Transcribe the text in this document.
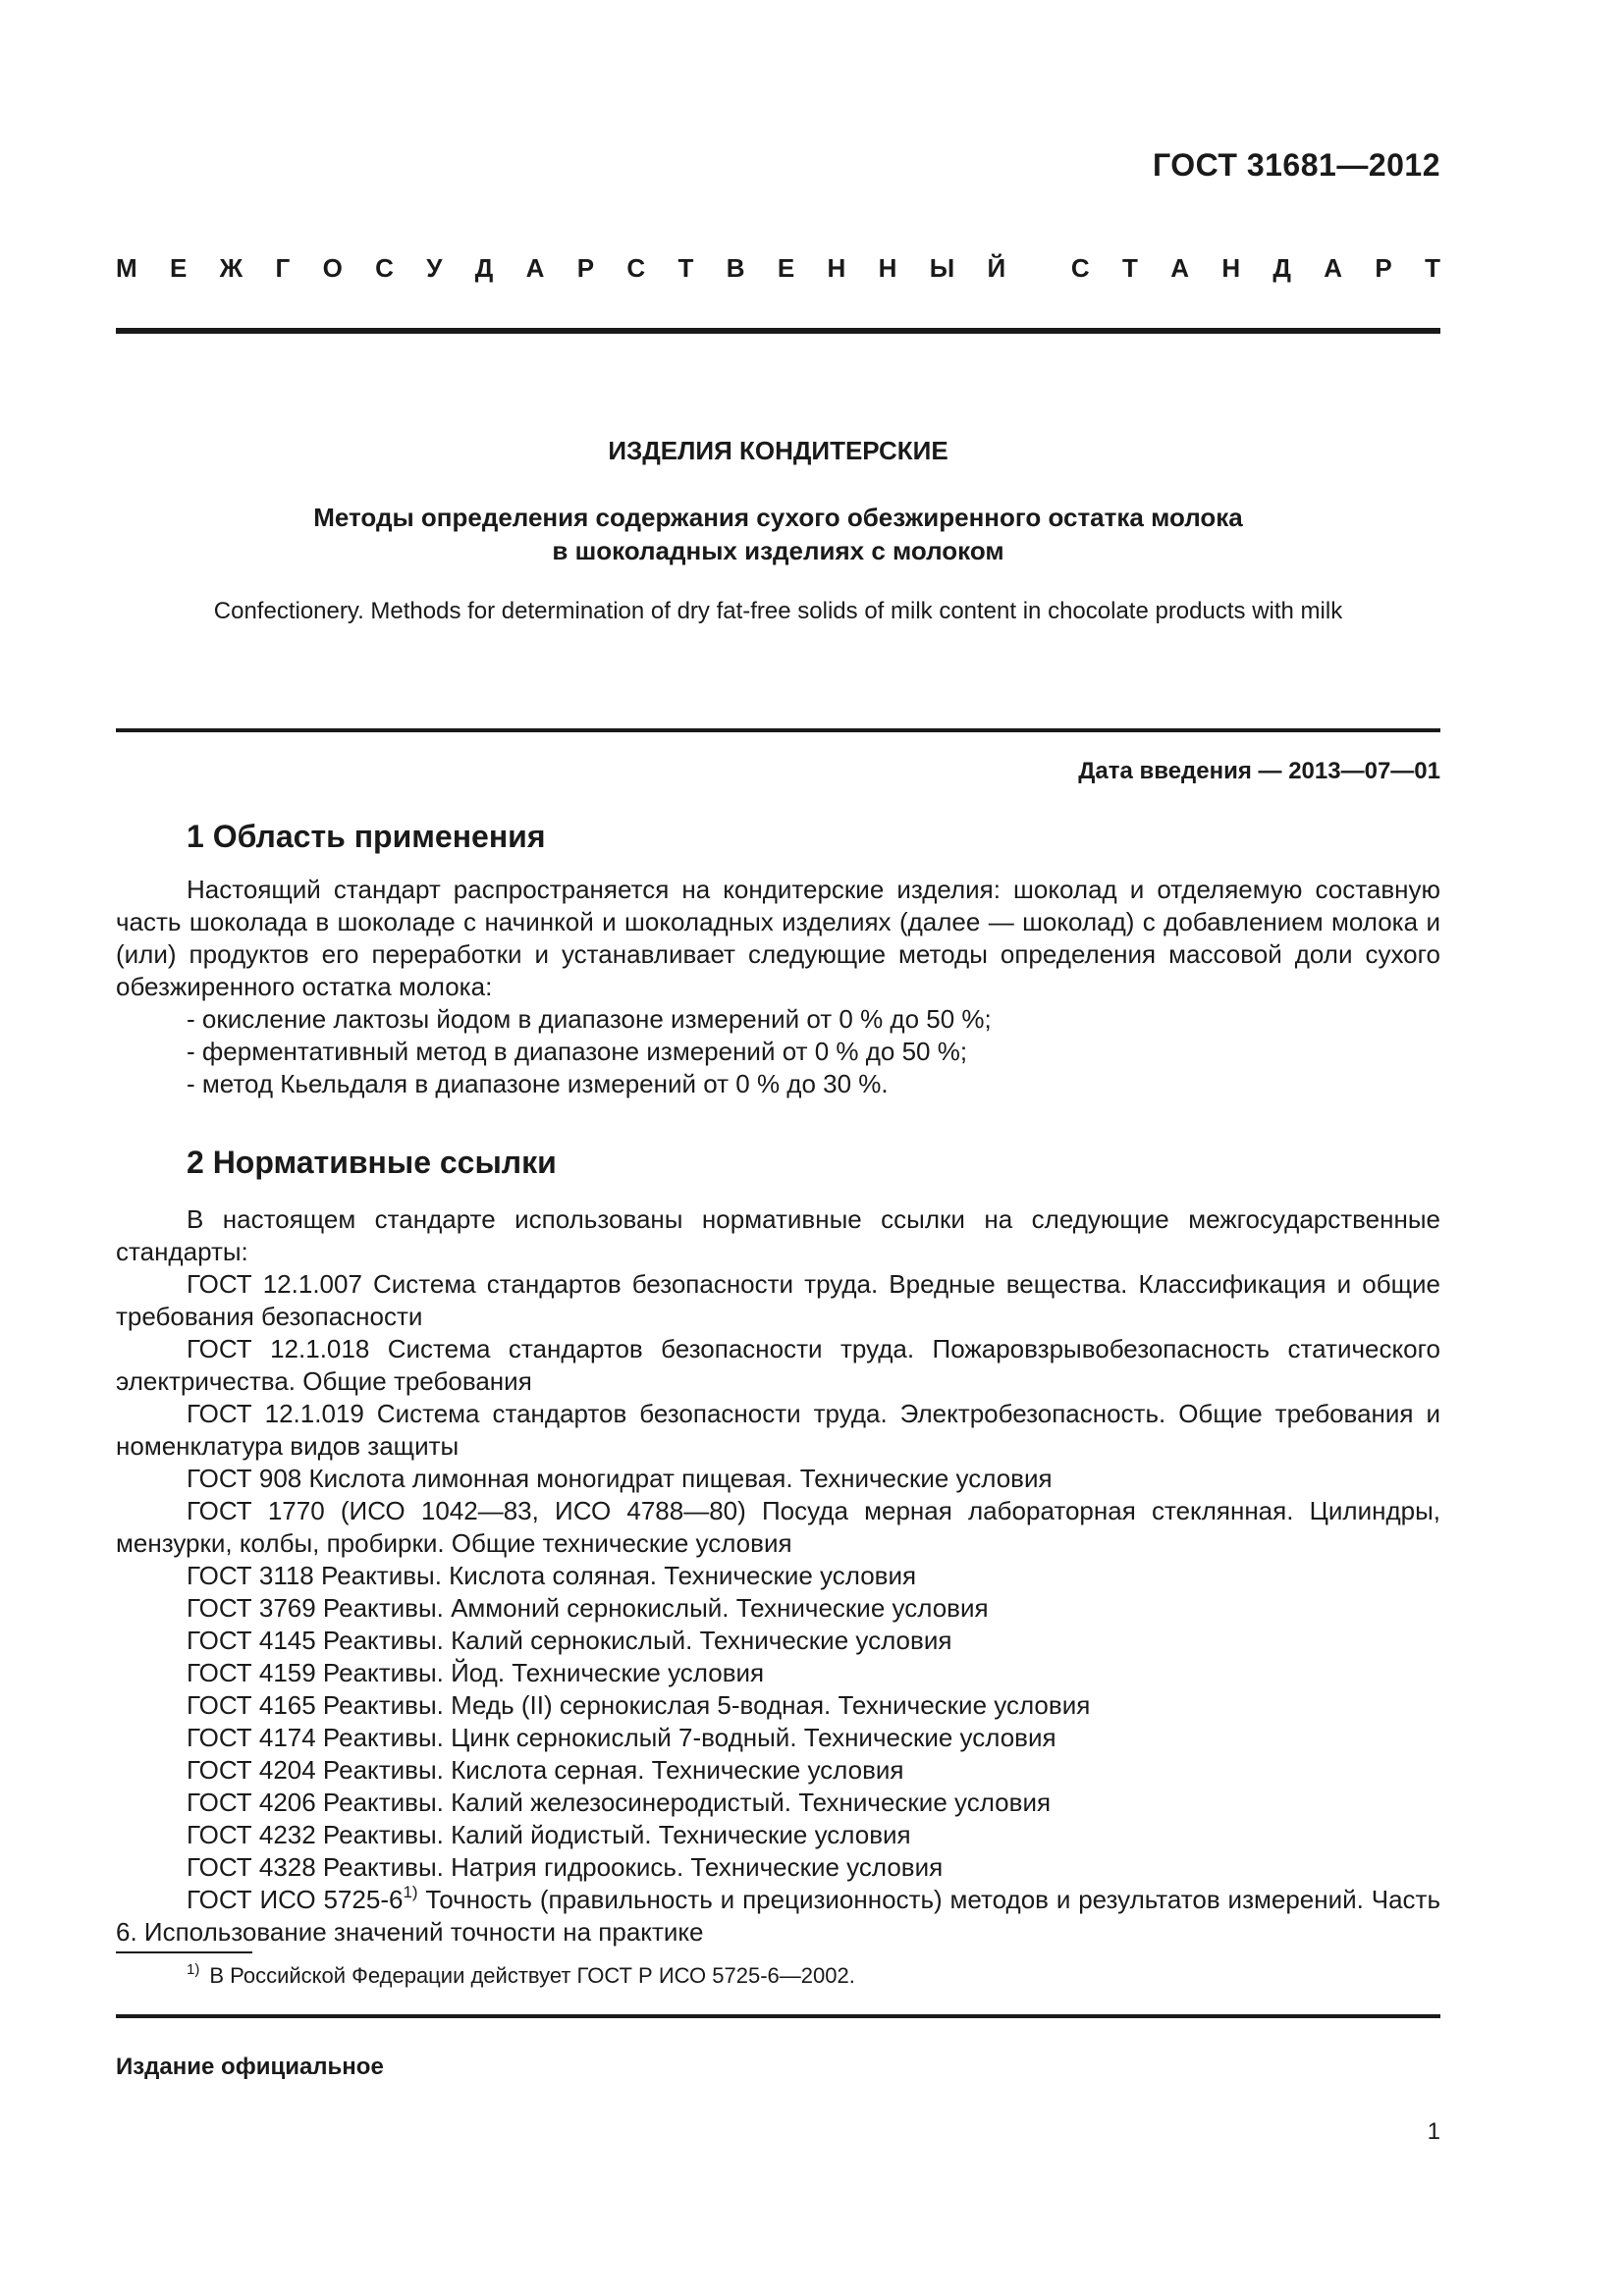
ГОСТ 31681—2012
М Е Ж Г О С У Д А Р С Т В Е Н Н Ы Й	С Т А Н Д А Р Т
ИЗДЕЛИЯ КОНДИТЕРСКИЕ
Методы определения содержания сухого обезжиренного остатка молока
в шоколадных изделиях с молоком
Confectionery. Methods for determination of dry fat-free solids of milk content in chocolate products with milk
Дата введения — 2013—07—01
1 Область применения

Настоящий стандарт распространяется на кондитерские изделия: шоколад и отделяемую составную часть шоколада в шоколаде с начинкой и шоколадных изделиях (далее — шоколад) с добавлением молока и (или) продуктов его переработки и устанавливает следующие методы определения массовой доли сухого обезжиренного остатка молока:

- окисление лактозы йодом в диапазоне измерений от 0 % до 50 %;
- ферментативный метод в диапазоне измерений от 0 % до 50 %;
- метод Кьельдаля в диапазоне измерений от 0 % до 30 %.
2 Нормативные ссылки

В настоящем стандарте использованы нормативные ссылки на следующие межгосударственные стандарты:

ГОСТ 12.1.007 Система стандартов безопасности труда. Вредные вещества. Классификация и общие требования безопасности

ГОСТ 12.1.018 Система стандартов безопасности труда. Пожаровзрывобезопасность статического электричества. Общие требования

ГОСТ 12.1.019 Система стандартов безопасности труда. Электробезопасность. Общие требования и номенклатура видов защиты

ГОСТ 908 Кислота лимонная моногидрат пищевая. Технические условия

ГОСТ 1770 (ИСО 1042—83, ИСО 4788—80) Посуда мерная лабораторная стеклянная. Цилиндры, мензурки, колбы, пробирки. Общие технические условия

ГОСТ 3118 Реактивы. Кислота соляная. Технические условия

ГОСТ 3769 Реактивы. Аммоний сернокислый. Технические условия

ГОСТ 4145 Реактивы. Калий сернокислый. Технические условия

ГОСТ 4159 Реактивы. Йод. Технические условия

ГОСТ 4165 Реактивы. Медь (II) сернокислая 5-водная. Технические условия

ГОСТ 4174 Реактивы. Цинк сернокислый 7-водный. Технические условия

ГОСТ 4204 Реактивы. Кислота серная. Технические условия

ГОСТ 4206 Реактивы. Калий железосинеродистый. Технические условия

ГОСТ 4232 Реактивы. Калий йодистый. Технические условия

ГОСТ 4328 Реактивы. Натрия гидроокись. Технические условия

ГОСТ ИСО 5725-6$^{1)}$ Точность (правильность и прецизионность) методов и результатов измерений. Часть 6. Использование значений точности на практике

$^{1)}$ В Российской Федерации действует ГОСТ Р ИСО 5725-6—2002.
Издание официальное
1
